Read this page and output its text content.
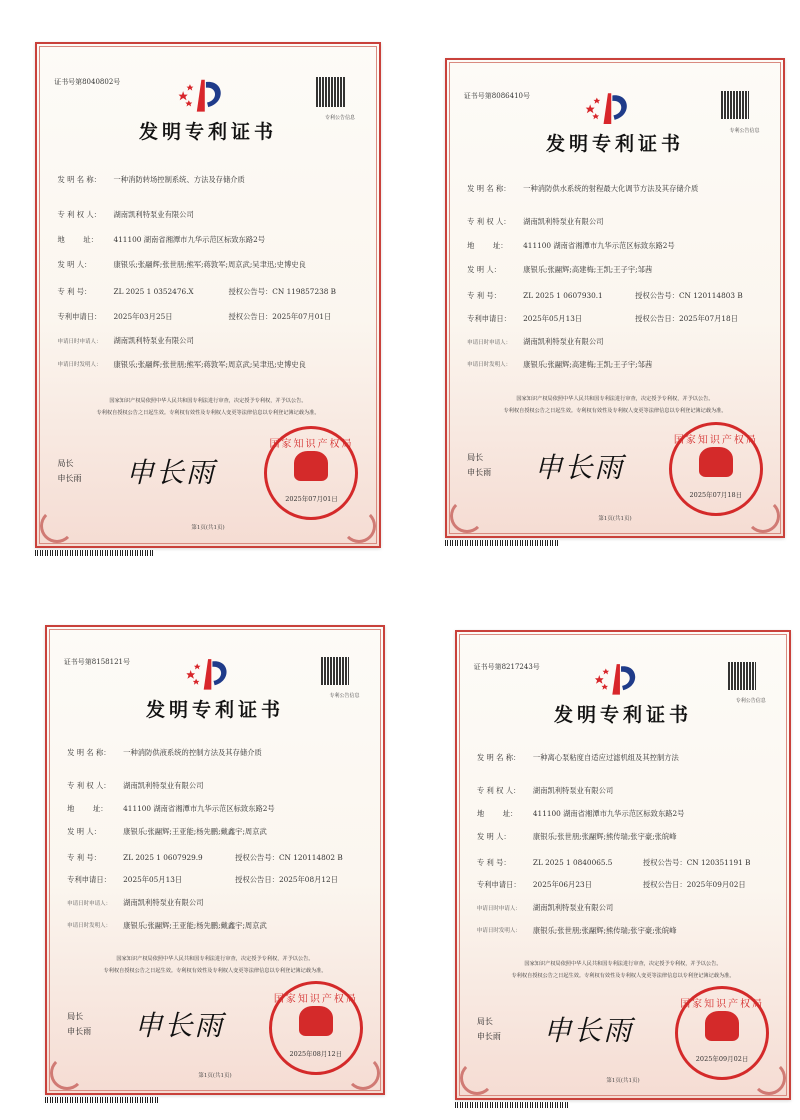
证书号第8040802号
专利公告信息
发明专利证书
发 明 名 称： 一种消防转场控制系统、方法及存储介质
专 利 权 人： 湖南凯利特泵业有限公司
地        址： 411100 湖南省湘潭市九华示范区标致东路2号
发 明 人：	康银乐;张翮辉;张世朋;熊军;蒋敦军;周京武;吴聿迅;史博史良
专 利 号：	ZL 2025 1 0352476.X	授权公告号：CN 119857238 B
专利申请日： 2025年03月25日	授权公告日：2025年07月01日
申请日时申请人： 湖南凯利特泵业有限公司
申请日时发明人：	康银乐;张翮辉;张世朋;熊军;蒋敦军;周京武;吴聿迅;史博史良
国家知识产权局依照中华人民共和国专利法进行审查，决定授予专利权，并予以公告。
专利权自授权公告之日起生效。专利权有效性及专利权人变更等法律信息以专利登记簿记载为准。
局长
申长雨 申长雨
国家知识产权局
2025年07月01日
第1页(共1页)
证书号第8086410号
专利公告信息
发明专利证书
发 明 名 称： 一种消防供水系统的射程最大化调节方法及其存储介质
专 利 权 人： 湖南凯利特泵业有限公司
地        址： 411100 湖南省湘潭市九华示范区标致东路2号
发 明 人：	康银乐;张翮辉;高建梅;王凯;王子宇;邹茜
专 利 号：	ZL 2025 1 0607930.1	授权公告号：CN 120114803 B
专利申请日： 2025年05月13日	授权公告日：2025年07月18日
申请日时申请人： 湖南凯利特泵业有限公司
申请日时发明人：	康银乐;张翮辉;高建梅;王凯;王子宇;邹茜
国家知识产权局依照中华人民共和国专利法进行审查，决定授予专利权，并予以公告。
专利权自授权公告之日起生效。专利权有效性及专利权人变更等法律信息以专利登记簿记载为准。
局长
申长雨 申长雨
国家知识产权局
2025年07月18日
第1页(共1页)
证书号第8158121号
专利公告信息
发明专利证书
发 明 名 称： 一种消防供液系统的控制方法及其存储介质
专 利 权 人： 湖南凯利特泵业有限公司
地        址： 411100 湖南省湘潭市九华示范区标致东路2号
发 明 人：	康银乐;张翮辉;王亚能;杨先鹏;戴鑫宇;周京武
专 利 号：	ZL 2025 1 0607929.9	授权公告号：CN 120114802 B
专利申请日： 2025年05月13日	授权公告日：2025年08月12日
申请日时申请人： 湖南凯利特泵业有限公司
申请日时发明人：	康银乐;张翮辉;王亚能;杨先鹏;戴鑫宇;周京武
国家知识产权局依照中华人民共和国专利法进行审查，决定授予专利权，并予以公告。
专利权自授权公告之日起生效。专利权有效性及专利权人变更等法律信息以专利登记簿记载为准。
局长
申长雨 申长雨
国家知识产权局
2025年08月12日
第1页(共1页)
证书号第8217243号
专利公告信息
发明专利证书
发 明 名 称： 一种离心泵粘度自适应过滤机组及其控制方法
专 利 权 人： 湖南凯利特泵业有限公司
地        址： 411100 湖南省湘潭市九华示范区标致东路2号
发 明 人：	康银乐;张世朋;张翮辉;熊传瑞;张宇豪;张皖峰
专 利 号：	ZL 2025 1 0840065.5	授权公告号：CN 120351191 B
专利申请日： 2025年06月23日	授权公告日：2025年09月02日
申请日时申请人： 湖南凯利特泵业有限公司
申请日时发明人：	康银乐;张世朋;张翮辉;熊传瑞;张宇豪;张皖峰
国家知识产权局依照中华人民共和国专利法进行审查，决定授予专利权，并予以公告。
专利权自授权公告之日起生效。专利权有效性及专利权人变更等法律信息以专利登记簿记载为准。
局长
申长雨 申长雨
国家知识产权局
2025年09月02日
第1页(共1页)
